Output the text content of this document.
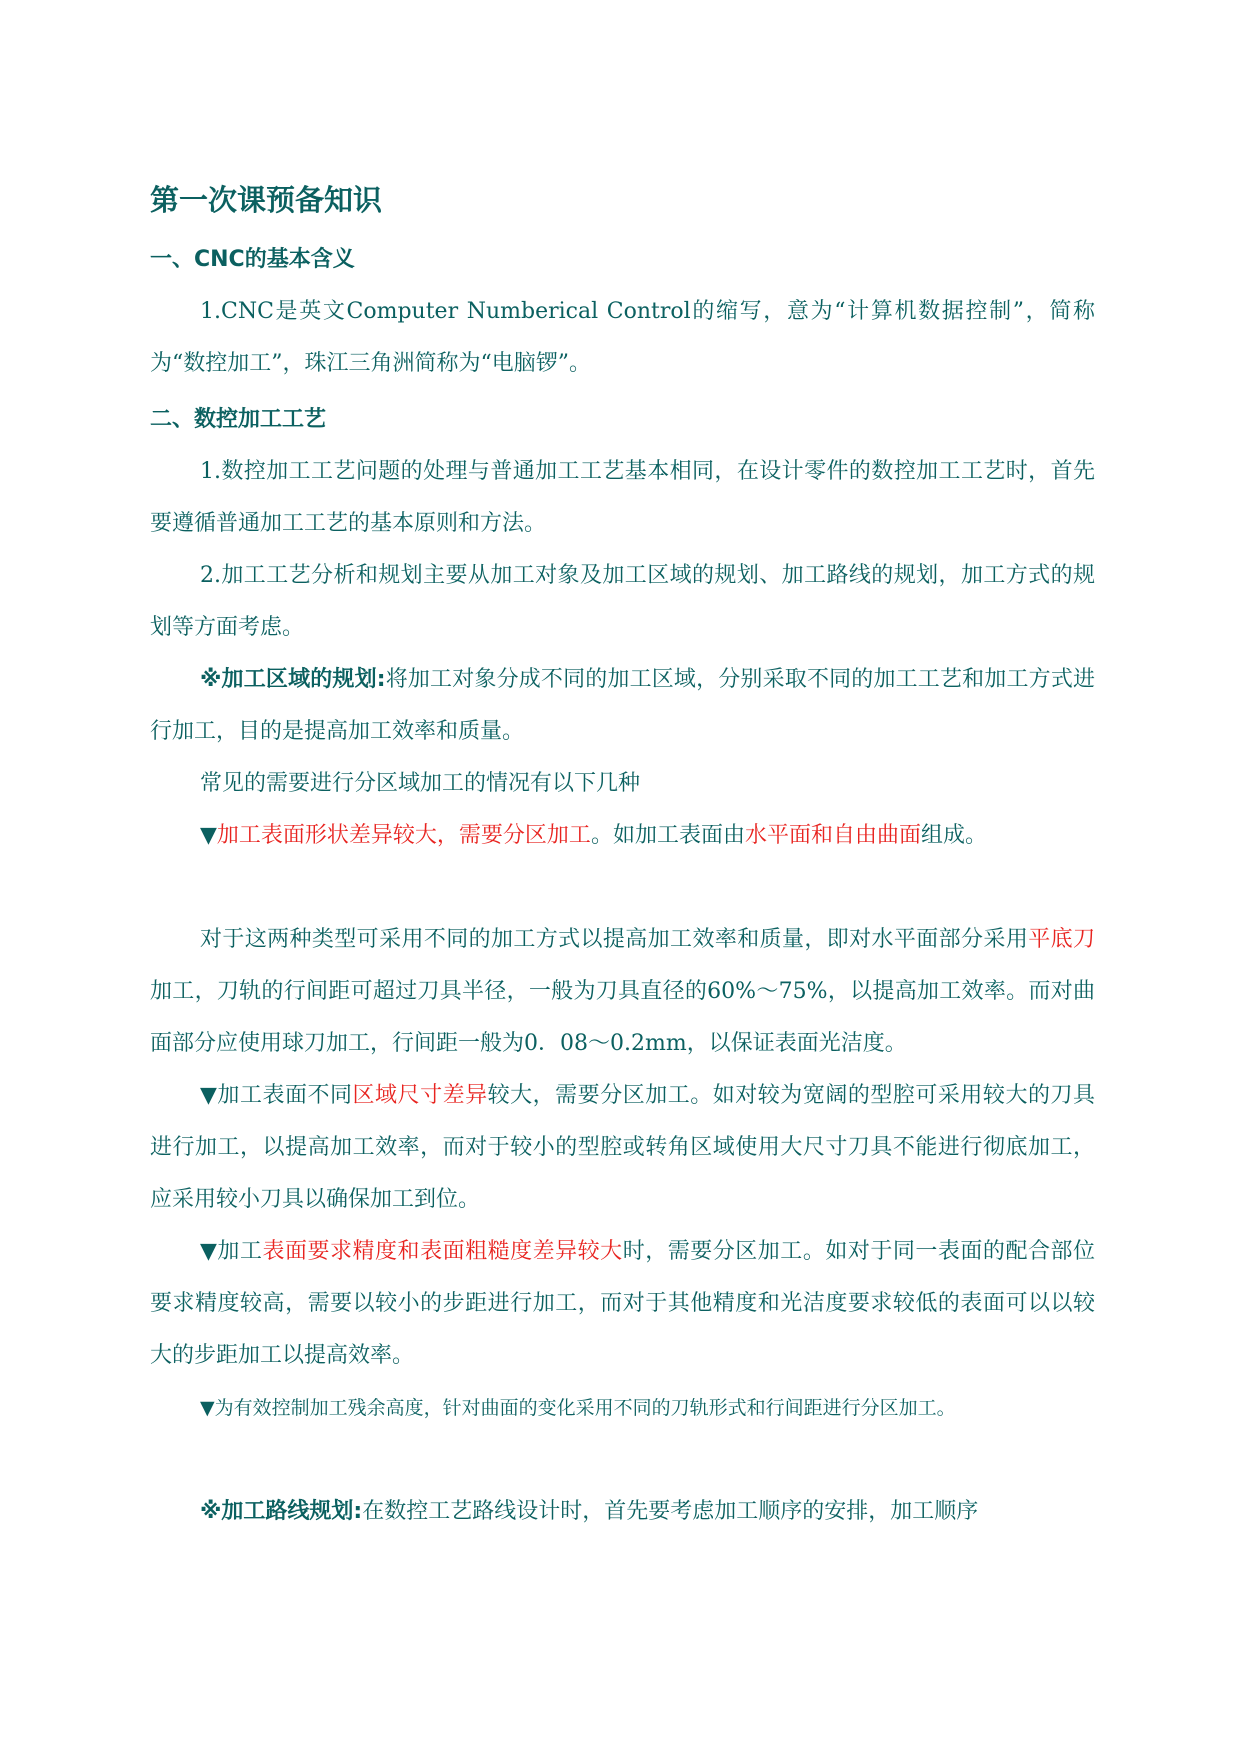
第一次课预备知识
一、CNC的基本含义

1.CNC是英文Computer Numberical Control的缩写，意为“计算机数据控制”，简称为“数控加工”，珠江三角洲简称为“电脑锣”。

二、数控加工工艺

1.数控加工工艺问题的处理与普通加工工艺基本相同，在设计零件的数控加工工艺时，首先要遵循普通加工工艺的基本原则和方法。

2.加工工艺分析和规划主要从加工对象及加工区域的规划、加工路线的规划，加工方式的规划等方面考虑。

※加工区域的规划:将加工对象分成不同的加工区域，分别采取不同的加工工艺和加工方式进行加工，目的是提高加工效率和质量。

常见的需要进行分区域加工的情况有以下几种

▼加工表面形状差异较大，需要分区加工。如加工表面由水平面和自由曲面组成。

对于这两种类型可采用不同的加工方式以提高加工效率和质量，即对水平面部分采用平底刀加工，刀轨的行间距可超过刀具半径，一般为刀具直径的60%～75%，以提高加工效率。而对曲面部分应使用球刀加工，行间距一般为0．08～0.2mm，以保证表面光洁度。

▼加工表面不同区域尺寸差异较大，需要分区加工。如对较为宽阔的型腔可采用较大的刀具进行加工，以提高加工效率，而对于较小的型腔或转角区域使用大尺寸刀具不能进行彻底加工，应采用较小刀具以确保加工到位。

▼加工表面要求精度和表面粗糙度差异较大时，需要分区加工。如对于同一表面的配合部位要求精度较高，需要以较小的步距进行加工，而对于其他精度和光洁度要求较低的表面可以以较大的步距加工以提高效率。

▼为有效控制加工残余高度，针对曲面的变化采用不同的刀轨形式和行间距进行分区加工。

※加工路线规划:在数控工艺路线设计时，首先要考虑加工顺序的安排，加工顺序
